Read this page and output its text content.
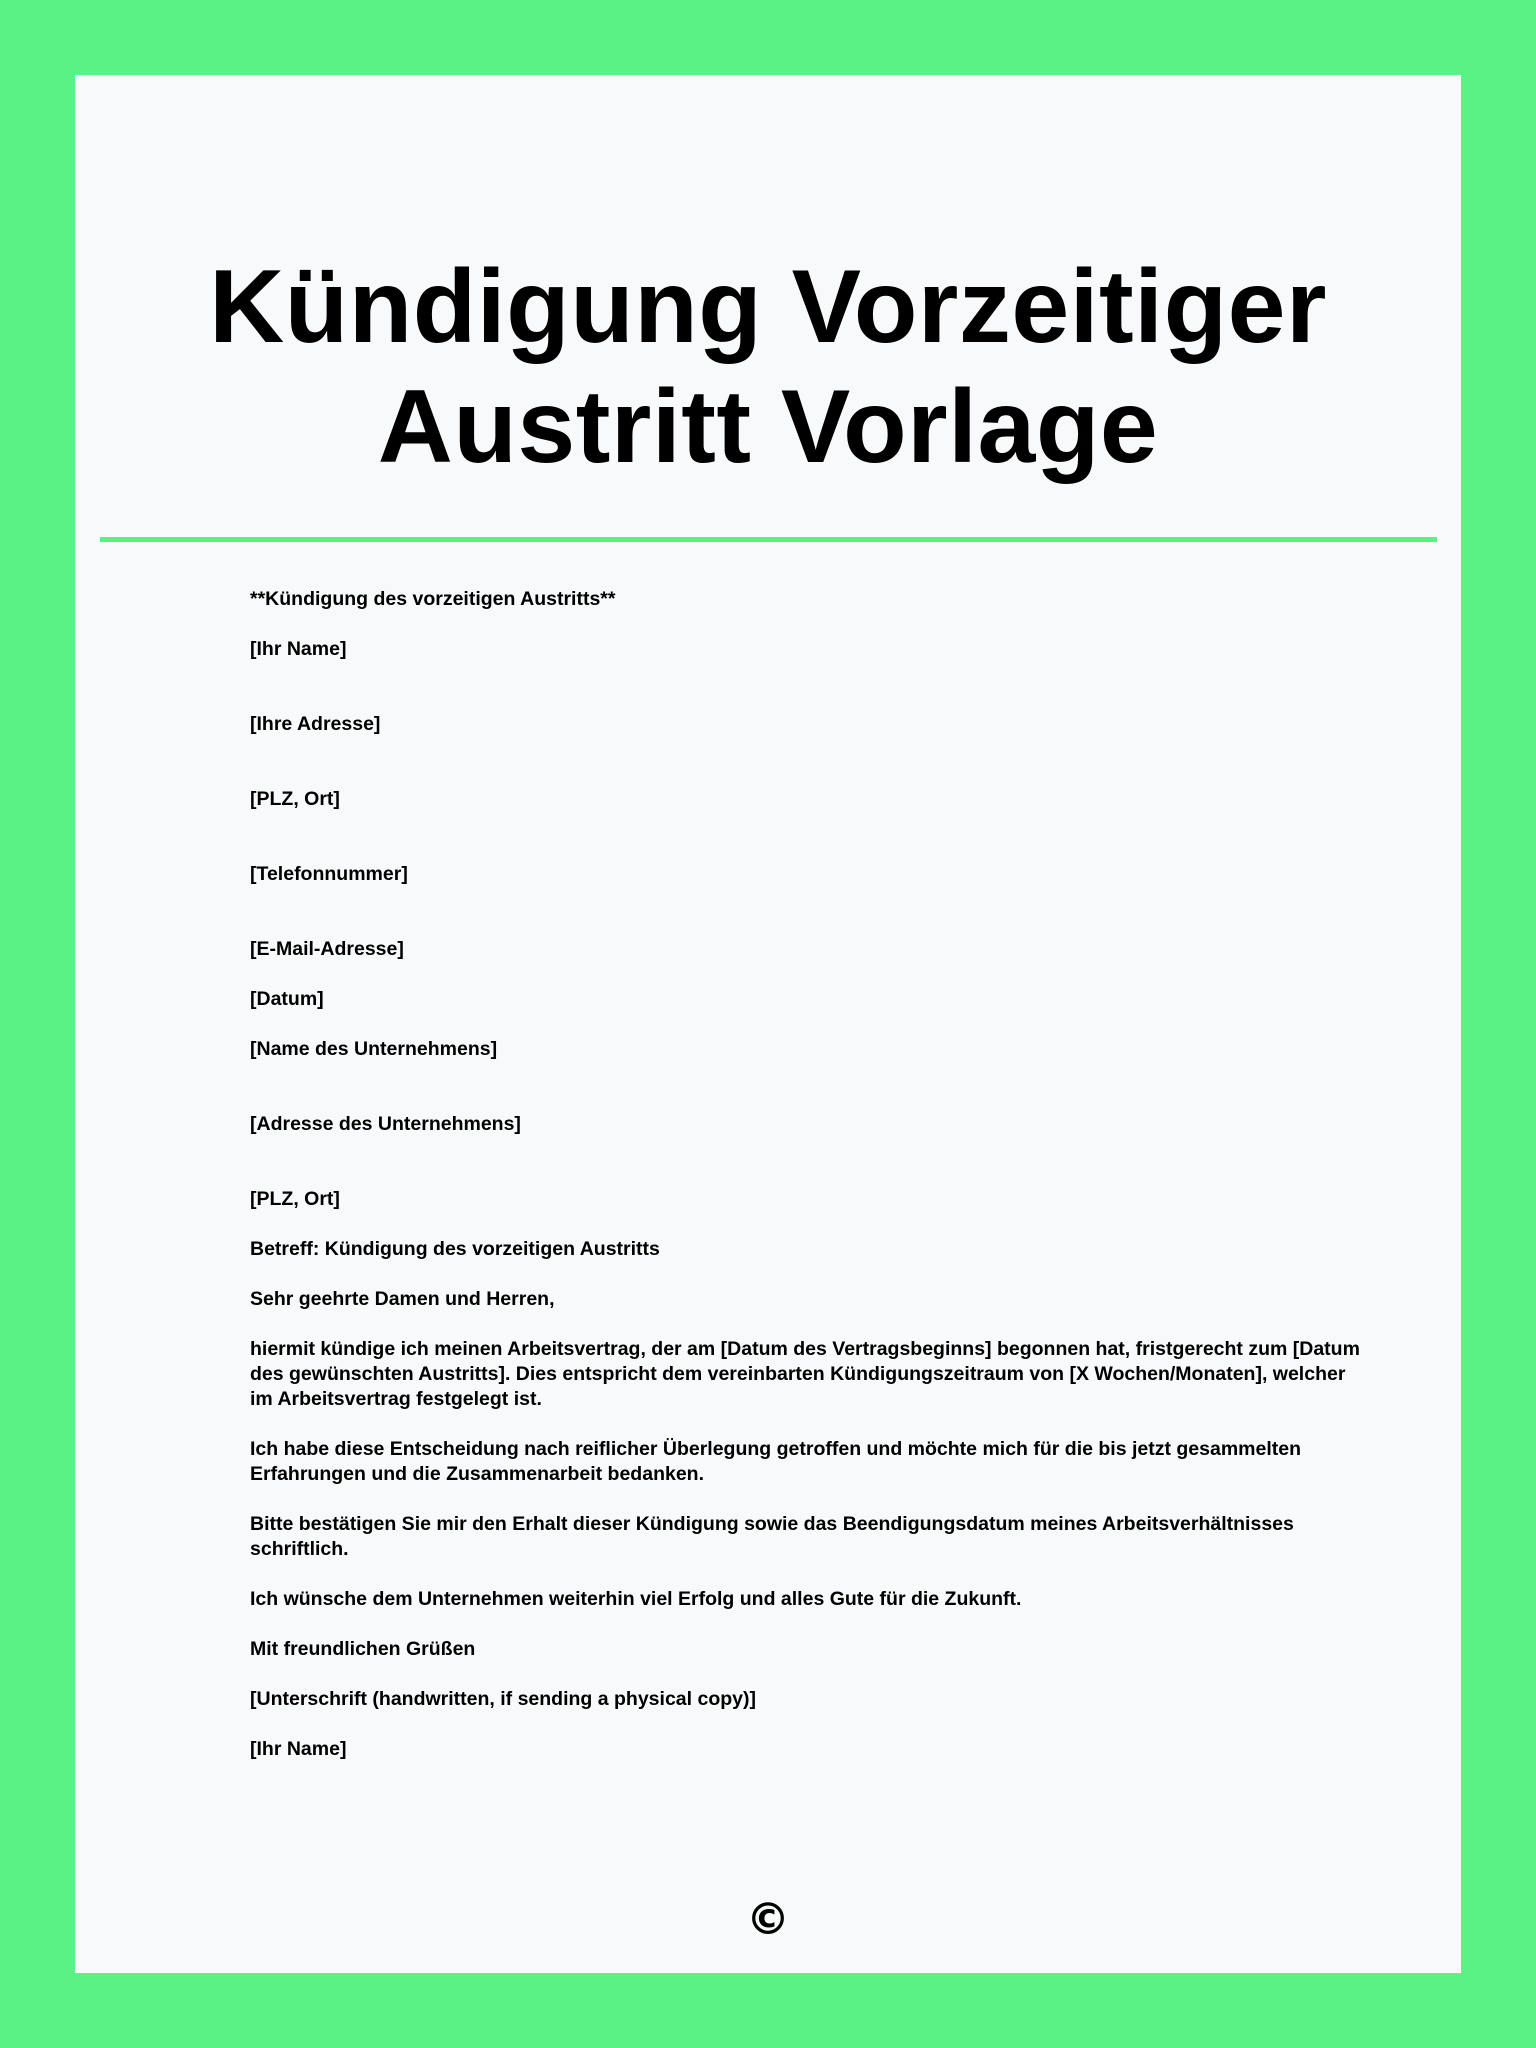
Kündigung Vorzeitiger Austritt Vorlage

**Kündigung des vorzeitigen Austritts**

[Ihr Name]

[Ihre Adresse]

[PLZ, Ort]

[Telefonnummer]

[E-Mail-Adresse]

[Datum]

[Name des Unternehmens]

[Adresse des Unternehmens]

[PLZ, Ort]

Betreff: Kündigung des vorzeitigen Austritts

Sehr geehrte Damen und Herren,

hiermit kündige ich meinen Arbeitsvertrag, der am [Datum des Vertragsbeginns] begonnen hat, fristgerecht zum [Datum des gewünschten Austritts]. Dies entspricht dem vereinbarten Kündigungszeitraum von [X Wochen/Monaten], welcher im Arbeitsvertrag festgelegt ist.

Ich habe diese Entscheidung nach reiflicher Überlegung getroffen und möchte mich für die bis jetzt gesammelten Erfahrungen und die Zusammenarbeit bedanken.

Bitte bestätigen Sie mir den Erhalt dieser Kündigung sowie das Beendigungsdatum meines Arbeitsverhältnisses schriftlich.

Ich wünsche dem Unternehmen weiterhin viel Erfolg und alles Gute für die Zukunft.

Mit freundlichen Grüßen

[Unterschrift (handwritten, if sending a physical copy)]

[Ihr Name]

©
